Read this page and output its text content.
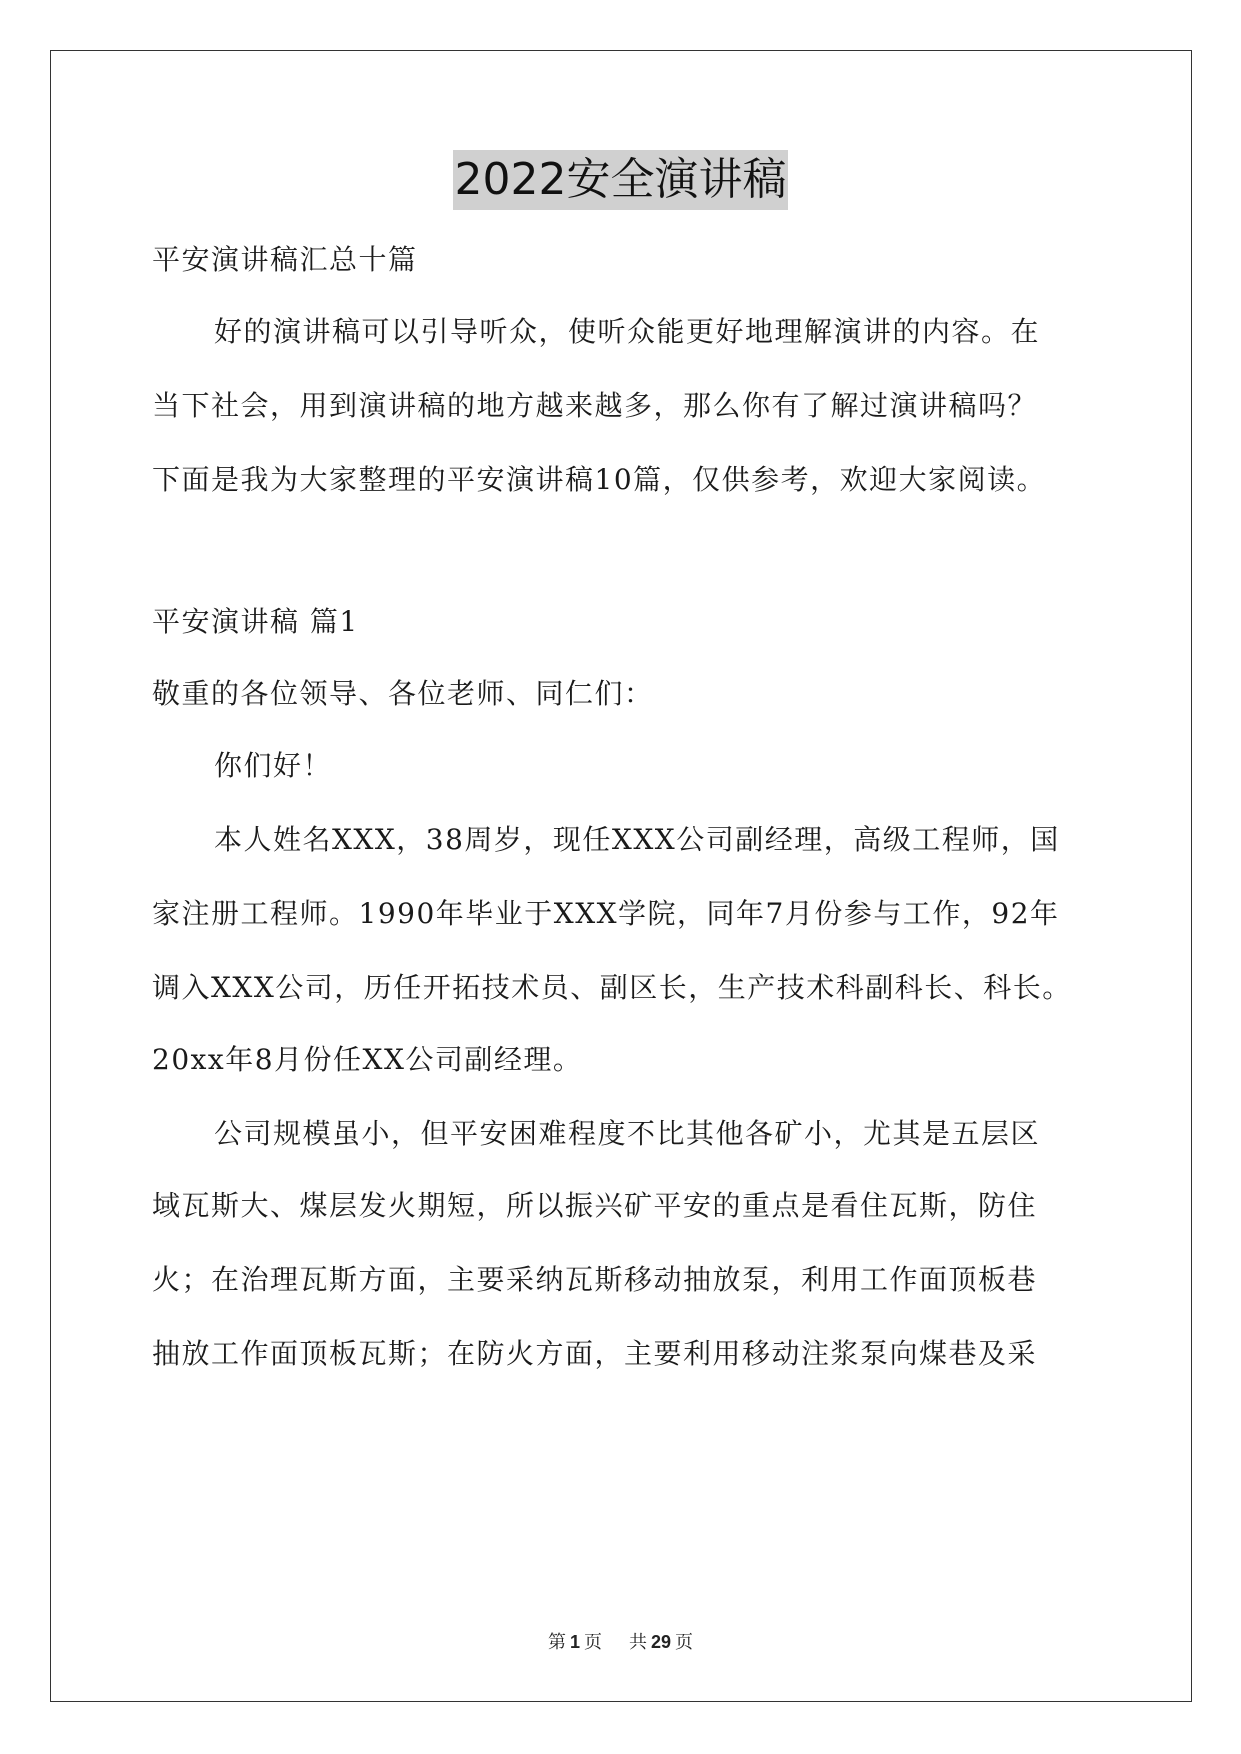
2022安全演讲稿
平安演讲稿汇总十篇
好的演讲稿可以引导听众，使听众能更好地理解演讲的内容。在
当下社会，用到演讲稿的地方越来越多，那么你有了解过演讲稿吗？
下面是我为大家整理的平安演讲稿10篇，仅供参考，欢迎大家阅读。
平安演讲稿 篇1
敬重的各位领导、各位老师、同仁们：
你们好！
本人姓名XXX，38周岁，现任XXX公司副经理，高级工程师，国
家注册工程师。1990年毕业于XXX学院，同年7月份参与工作，92年
调入XXX公司，历任开拓技术员、副区长，生产技术科副科长、科长。
20xx年8月份任XX公司副经理。
公司规模虽小，但平安困难程度不比其他各矿小，尤其是五层区
域瓦斯大、煤层发火期短，所以振兴矿平安的重点是看住瓦斯，防住
火；在治理瓦斯方面，主要采纳瓦斯移动抽放泵，利用工作面顶板巷
抽放工作面顶板瓦斯；在防火方面，主要利用移动注浆泵向煤巷及采
第 1 页 共 29 页
